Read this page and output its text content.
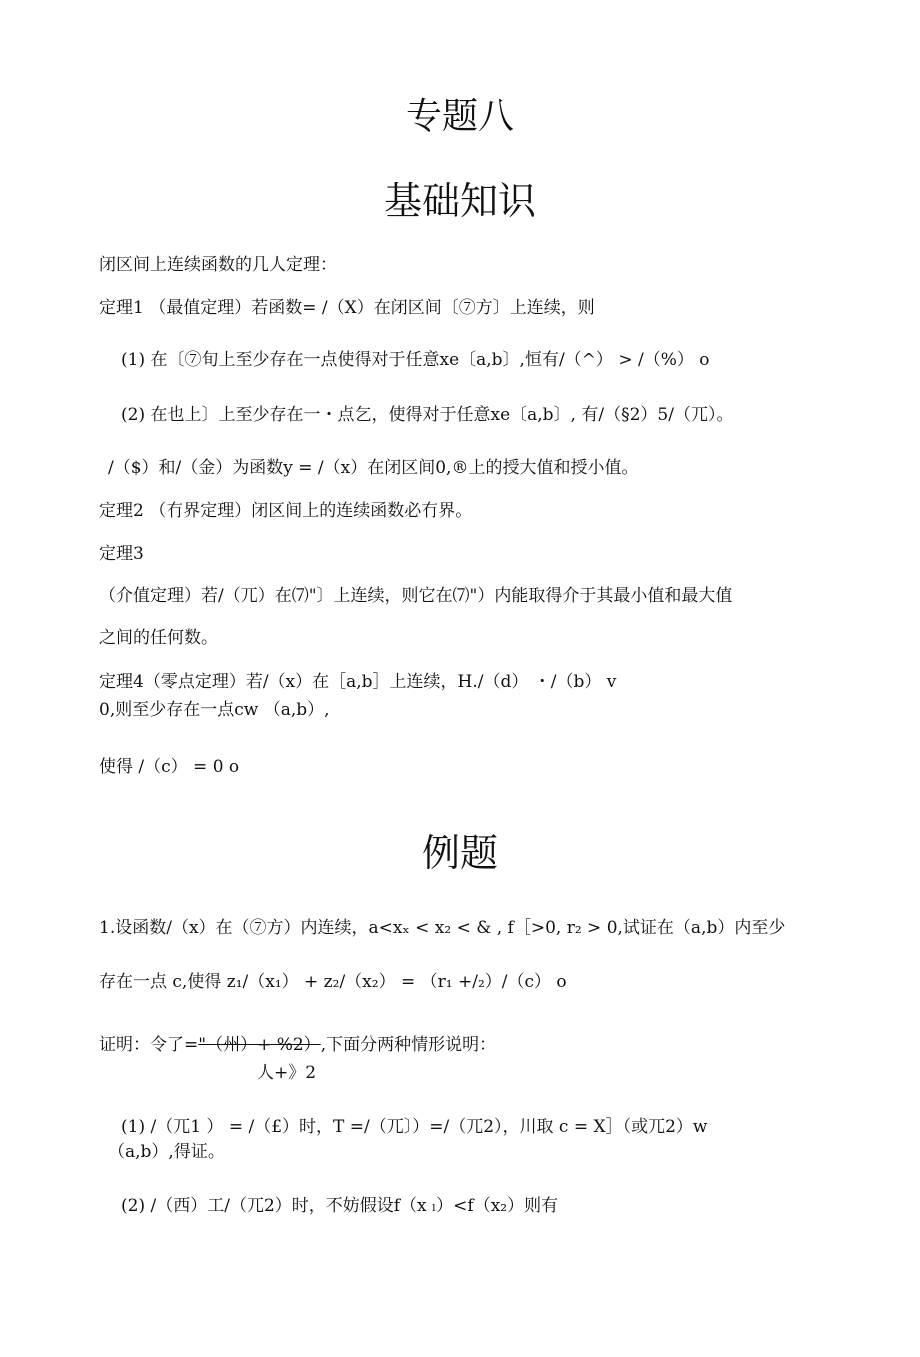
专题八
基础知识
闭区间上连续函数的几人定理：
定理1 （最值定理）若函数= /（X）在闭区间〔⑦方〕上连续，则
(1) 在〔⑦旬上至少存在一点使得对于任意xe〔a,b〕,恒有/（^） > /（%） o
(2) 在也上〕上至少存在一・点乞，使得对于任意xe〔a,b〕, 有/（§2）5/（兀）。
/（$）和/（金）为函数y = /（x）在闭区间0,®上的授大值和授小值。
定理2 （冇界定理）闭区间上的连续函数必冇界。
定理3
（介值定理）若/（兀）在⑺"〕上连续，则它在⑺"）内能取得介于其最小值和最大值
之间的任何数。
定理4（零点定理）若/（x）在［a,b］上连续，H./（d） ・/（b） v
0,则至少存在一点cw （a,b）,
使得 /（c） = 0 o
例题
1.设函数/（x）在（⑦方）内连续，a<xₓ < x₂ < & , f［>0, r₂ > 0,试证在（a,b）内至少
存在一点 c,使得 z₁/（x₁） + z₂/（x₂） = （r₁ +/₂）/（c） o
证明：令了="（州）+ %2）,下面分两种情形说明：
人+》2
(1) /（兀1 ） = /（£）时，T =/（兀〕）=/（兀2），川取 c = X］（或兀2）w
（a,b）,得证。
(2) /（西）工/（兀2）时，不妨假设f（x ₗ）<f（x₂）则有
